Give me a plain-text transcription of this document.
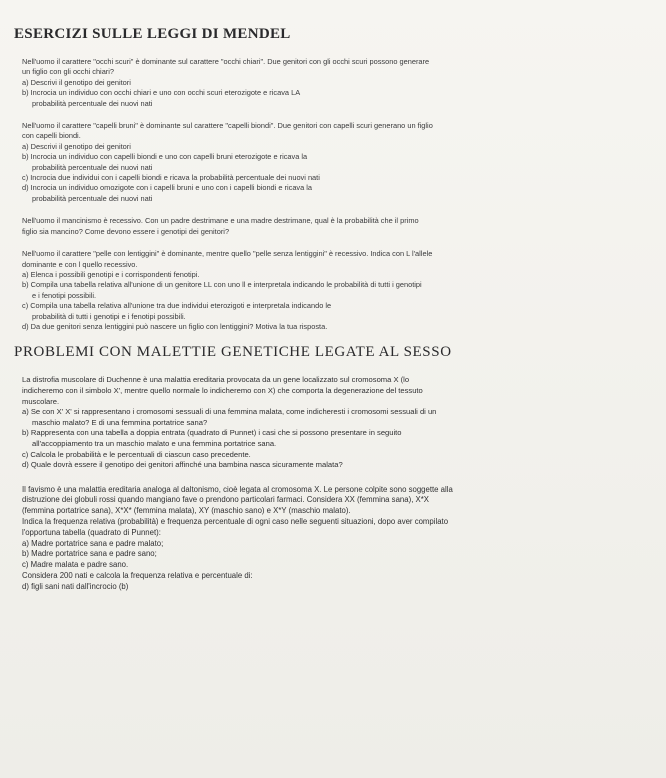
ESERCIZI SULLE LEGGI DI MENDEL

Nell'uomo il carattere "occhi scuri" è dominante sul carattere "occhi chiari". Due genitori con gli occhi scuri possono generare

un figlio con gli occhi chiari?

a) Descrivi il genotipo dei genitori

b) Incrocia un individuo con occhi chiari e uno con occhi scuri eterozigote e ricava LA

probabilità percentuale dei nuovi nati

Nell'uomo il carattere "capelli bruni" è dominante sul carattere "capelli biondi". Due genitori con capelli scuri generano un figlio

con capelli biondi.

a) Descrivi il genotipo dei genitori

b) Incrocia un individuo con capelli biondi e uno con capelli bruni eterozigote e ricava la

probabilità percentuale dei nuovi nati

c) Incrocia due individui con i capelli biondi e ricava la probabilità percentuale dei nuovi nati

d) Incrocia un individuo omozigote con i capelli bruni e uno con i capelli biondi e ricava la

probabilità percentuale dei nuovi nati

Nell'uomo il mancinismo è recessivo. Con un padre destrimane e una madre destrimane, qual è la probabilità che il primo

figlio sia mancino? Come devono essere i genotipi dei genitori?

Nell'uomo il carattere "pelle con lentiggini" è dominante, mentre quello "pelle senza lentiggini" è recessivo. Indica con L l'allele

dominante e con l quello recessivo.

a) Elenca i possibili genotipi e i corrispondenti fenotipi.

b) Compila una tabella relativa all'unione di un genitore LL con uno ll e interpretala indicando le probabilità di tutti i genotipi

e i fenotipi possibili.

c) Compila una tabella relativa all'unione tra due individui eterozigoti e interpretala indicando le

probabilità di tutti i genotipi e i fenotipi possibili.

d) Da due genitori senza lentiggini può nascere un figlio con lentiggini? Motiva la tua risposta.

PROBLEMI CON MALETTIE GENETICHE LEGATE AL SESSO

La distrofia muscolare di Duchenne è una malattia ereditaria provocata da un gene localizzato sul cromosoma X (lo

indicheremo con il simbolo X', mentre quello normale lo indicheremo con X) che comporta la degenerazione del tessuto

muscolare.

a) Se con X' X' si rappresentano i cromosomi sessuali di una femmina malata, come indicheresti i cromosomi sessuali di un

maschio malato? E di una femmina portatrice sana?

b) Rappresenta con una tabella a doppia entrata (quadrato di Punnet) i casi che si possono presentare in seguito

all'accoppiamento tra un maschio malato e una femmina portatrice sana.

c) Calcola le probabilità e le percentuali di ciascun caso precedente.

d) Quale dovrà essere il genotipo dei genitori affinché una bambina nasca sicuramente malata?

Il favismo è una malattia ereditaria analoga al daltonismo, cioè legata al cromosoma X. Le persone colpite sono soggette alla

distruzione dei globuli rossi quando mangiano fave o prendono particolari farmaci. Considera XX (femmina sana), X*X

(femmina portatrice sana), X*X* (femmina malata), XY (maschio sano) e X*Y (maschio malato).

Indica la frequenza relativa (probabilità) e frequenza percentuale di ogni caso nelle seguenti situazioni, dopo aver compilato

l'opportuna tabella (quadrato di Punnet):

a) Madre portatrice sana e padre malato;

b) Madre portatrice sana e padre sano;

c) Madre malata e padre sano.

Considera 200 nati e calcola la frequenza relativa e percentuale di:

d) figli sani nati dall'incrocio (b)
